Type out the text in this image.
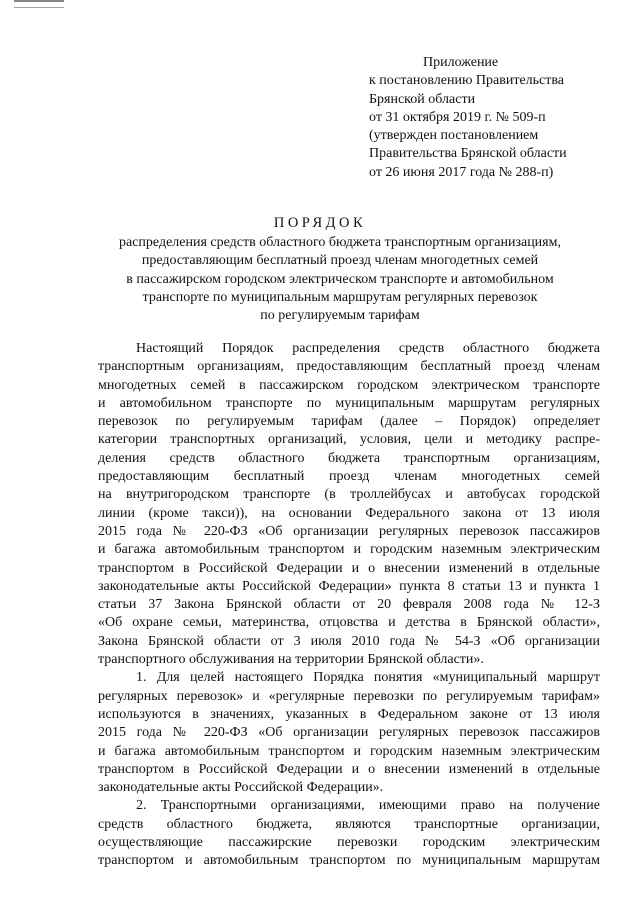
Приложение
к постановлению Правительства
Брянской области
от 31 октября 2019 г. № 509-п
(утвержден постановлением
Правительства Брянской области
от 26 июня 2017 года № 288-п)
ПОРЯДОК
распределения средств областного бюджета транспортным организациям,
предоставляющим бесплатный проезд членам многодетных семей
в пассажирском городском электрическом транспорте и автомобильном
транспорте по муниципальным маршрутам регулярных перевозок
по регулируемым тарифам
Настоящий Порядок распределения средств областного бюджета
транспортным организациям, предоставляющим бесплатный проезд членам
многодетных семей в пассажирском городском электрическом транспорте
и автомобильном транспорте по муниципальным маршрутам регулярных
перевозок по регулируемым тарифам (далее – Порядок) определяет
категории транспортных организаций, условия, цели и методику распре-
деления средств областного бюджета транспортным организациям,
предоставляющим бесплатный проезд членам многодетных семей
на внутригородском транспорте (в троллейбусах и автобусах городской
линии (кроме такси)), на основании Федерального закона от 13 июля
2015 года № 220-ФЗ «Об организации регулярных перевозок пассажиров
и багажа автомобильным транспортом и городским наземным электрическим
транспортом в Российской Федерации и о внесении изменений в отдельные
законодательные акты Российской Федерации» пункта 8 статьи 13 и пункта 1
статьи 37 Закона Брянской области от 20 февраля 2008 года № 12-З
«Об охране семьи, материнства, отцовства и детства в Брянской области»,
Закона Брянской области от 3 июля 2010 года № 54-З «Об организации
транспортного обслуживания на территории Брянской области».
1. Для целей настоящего Порядка понятия «муниципальный маршрут
регулярных перевозок» и «регулярные перевозки по регулируемым тарифам»
используются в значениях, указанных в Федеральном законе от 13 июля
2015 года № 220-ФЗ «Об организации регулярных перевозок пассажиров
и багажа автомобильным транспортом и городским наземным электрическим
транспортом в Российской Федерации и о внесении изменений в отдельные
законодательные акты Российской Федерации».
2. Транспортными организациями, имеющими право на получение
средств областного бюджета, являются транспортные организации,
осуществляющие пассажирские перевозки городским электрическим
транспортом и автомобильным транспортом по муниципальным маршрутам
